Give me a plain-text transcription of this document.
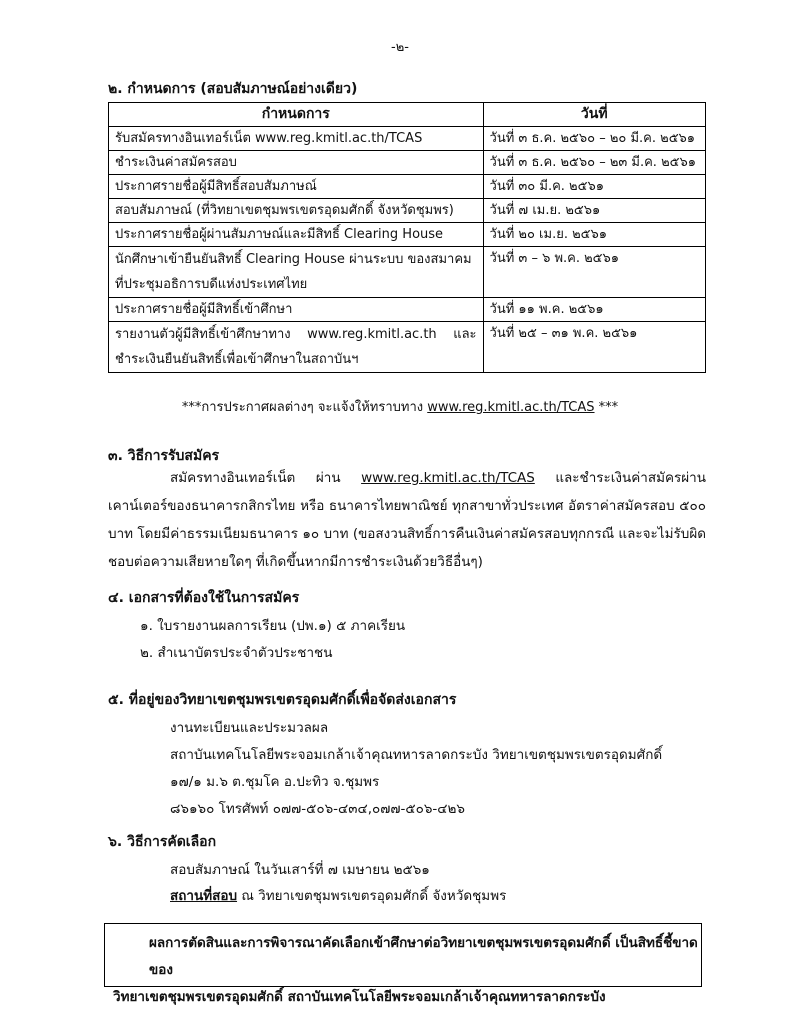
-๒-
๒. กำหนดการ (สอบสัมภาษณ์อย่างเดียว)
กำหนดการ	วันที่
รับสมัครทางอินเทอร์เน็ต www.reg.kmitl.ac.th/TCAS	วันที่ ๓ ธ.ค. ๒๕๖๐ – ๒๐ มี.ค. ๒๕๖๑
ชำระเงินค่าสมัครสอบ	วันที่ ๓ ธ.ค. ๒๕๖๐ – ๒๓ มี.ค. ๒๕๖๑
ประกาศรายชื่อผู้มีสิทธิ์สอบสัมภาษณ์	วันที่ ๓๐ มี.ค. ๒๕๖๑
สอบสัมภาษณ์ (ที่วิทยาเขตชุมพรเขตรอุดมศักดิ์ จังหวัดชุมพร)	วันที่ ๗ เม.ย. ๒๕๖๑
ประกาศรายชื่อผู้ผ่านสัมภาษณ์และมีสิทธิ์ Clearing House	วันที่ ๒๐ เม.ย. ๒๕๖๑

นักศึกษาเข้ายืนยันสิทธิ์ Clearing House ผ่านระบบ ของสมาคม
ที่ประชุมอธิการบดีแห่งประเทศไทย	วันที่ ๓ – ๖ พ.ค. ๒๕๖๑
ประกาศรายชื่อผู้มีสิทธิ์เข้าศึกษา	วันที่ ๑๑ พ.ค. ๒๕๖๑

รายงานตัวผู้มีสิทธิ์เข้าศึกษาทาง    www.reg.kmitl.ac.th    และ
ชำระเงินยืนยันสิทธิ์เพื่อเข้าศึกษาในสถาบันฯ	วันที่ ๒๕ – ๓๑ พ.ค. ๒๕๖๑
***การประกาศผลต่างๆ จะแจ้งให้ทราบทาง www.reg.kmitl.ac.th/TCAS ***
๓. วิธีการรับสมัคร
สมัครทางอินเทอร์เน็ต ผ่าน www.reg.kmitl.ac.th/TCAS และชำระเงินค่าสมัครผ่านเคาน์เตอร์ของธนาคารกสิกรไทย หรือ ธนาคารไทยพาณิชย์ ทุกสาขาทั่วประเทศ อัตราค่าสมัครสอบ ๕๐๐ บาท โดยมีค่าธรรมเนียมธนาคาร ๑๐ บาท (ขอสงวนสิทธิ์การคืนเงินค่าสมัครสอบทุกกรณี และจะไม่รับผิดชอบต่อความเสียหายใดๆ ที่เกิดขึ้นหากมีการชำระเงินด้วยวิธีอื่นๆ)
๔. เอกสารที่ต้องใช้ในการสมัคร
๑. ใบรายงานผลการเรียน (ปพ.๑) ๕ ภาคเรียน
๒. สำเนาบัตรประจำตัวประชาชน
๕. ที่อยู่ของวิทยาเขตชุมพรเขตรอุดมศักดิ์เพื่อจัดส่งเอกสาร
งานทะเบียนและประมวลผล
สถาบันเทคโนโลยีพระจอมเกล้าเจ้าคุณทหารลาดกระบัง วิทยาเขตชุมพรเขตรอุดมศักดิ์
๑๗/๑ ม.๖ ต.ชุมโค อ.ปะทิว จ.ชุมพร
๘๖๑๖๐ โทรศัพท์ ๐๗๗-๕๐๖-๔๓๔,๐๗๗-๕๐๖-๔๒๖
๖. วิธีการคัดเลือก
สอบสัมภาษณ์ ในวันเสาร์ที่ ๗ เมษายน ๒๕๖๑
สถานที่สอบ ณ วิทยาเขตชุมพรเขตรอุดมศักดิ์ จังหวัดชุมพร
ผลการตัดสินและการพิจารณาคัดเลือกเข้าศึกษาต่อวิทยาเขตชุมพรเขตรอุดมศักดิ์ เป็นสิทธิ์ชี้ขาดของ
วิทยาเขตชุมพรเขตรอุดมศักดิ์ สถาบันเทคโนโลยีพระจอมเกล้าเจ้าคุณทหารลาดกระบัง
